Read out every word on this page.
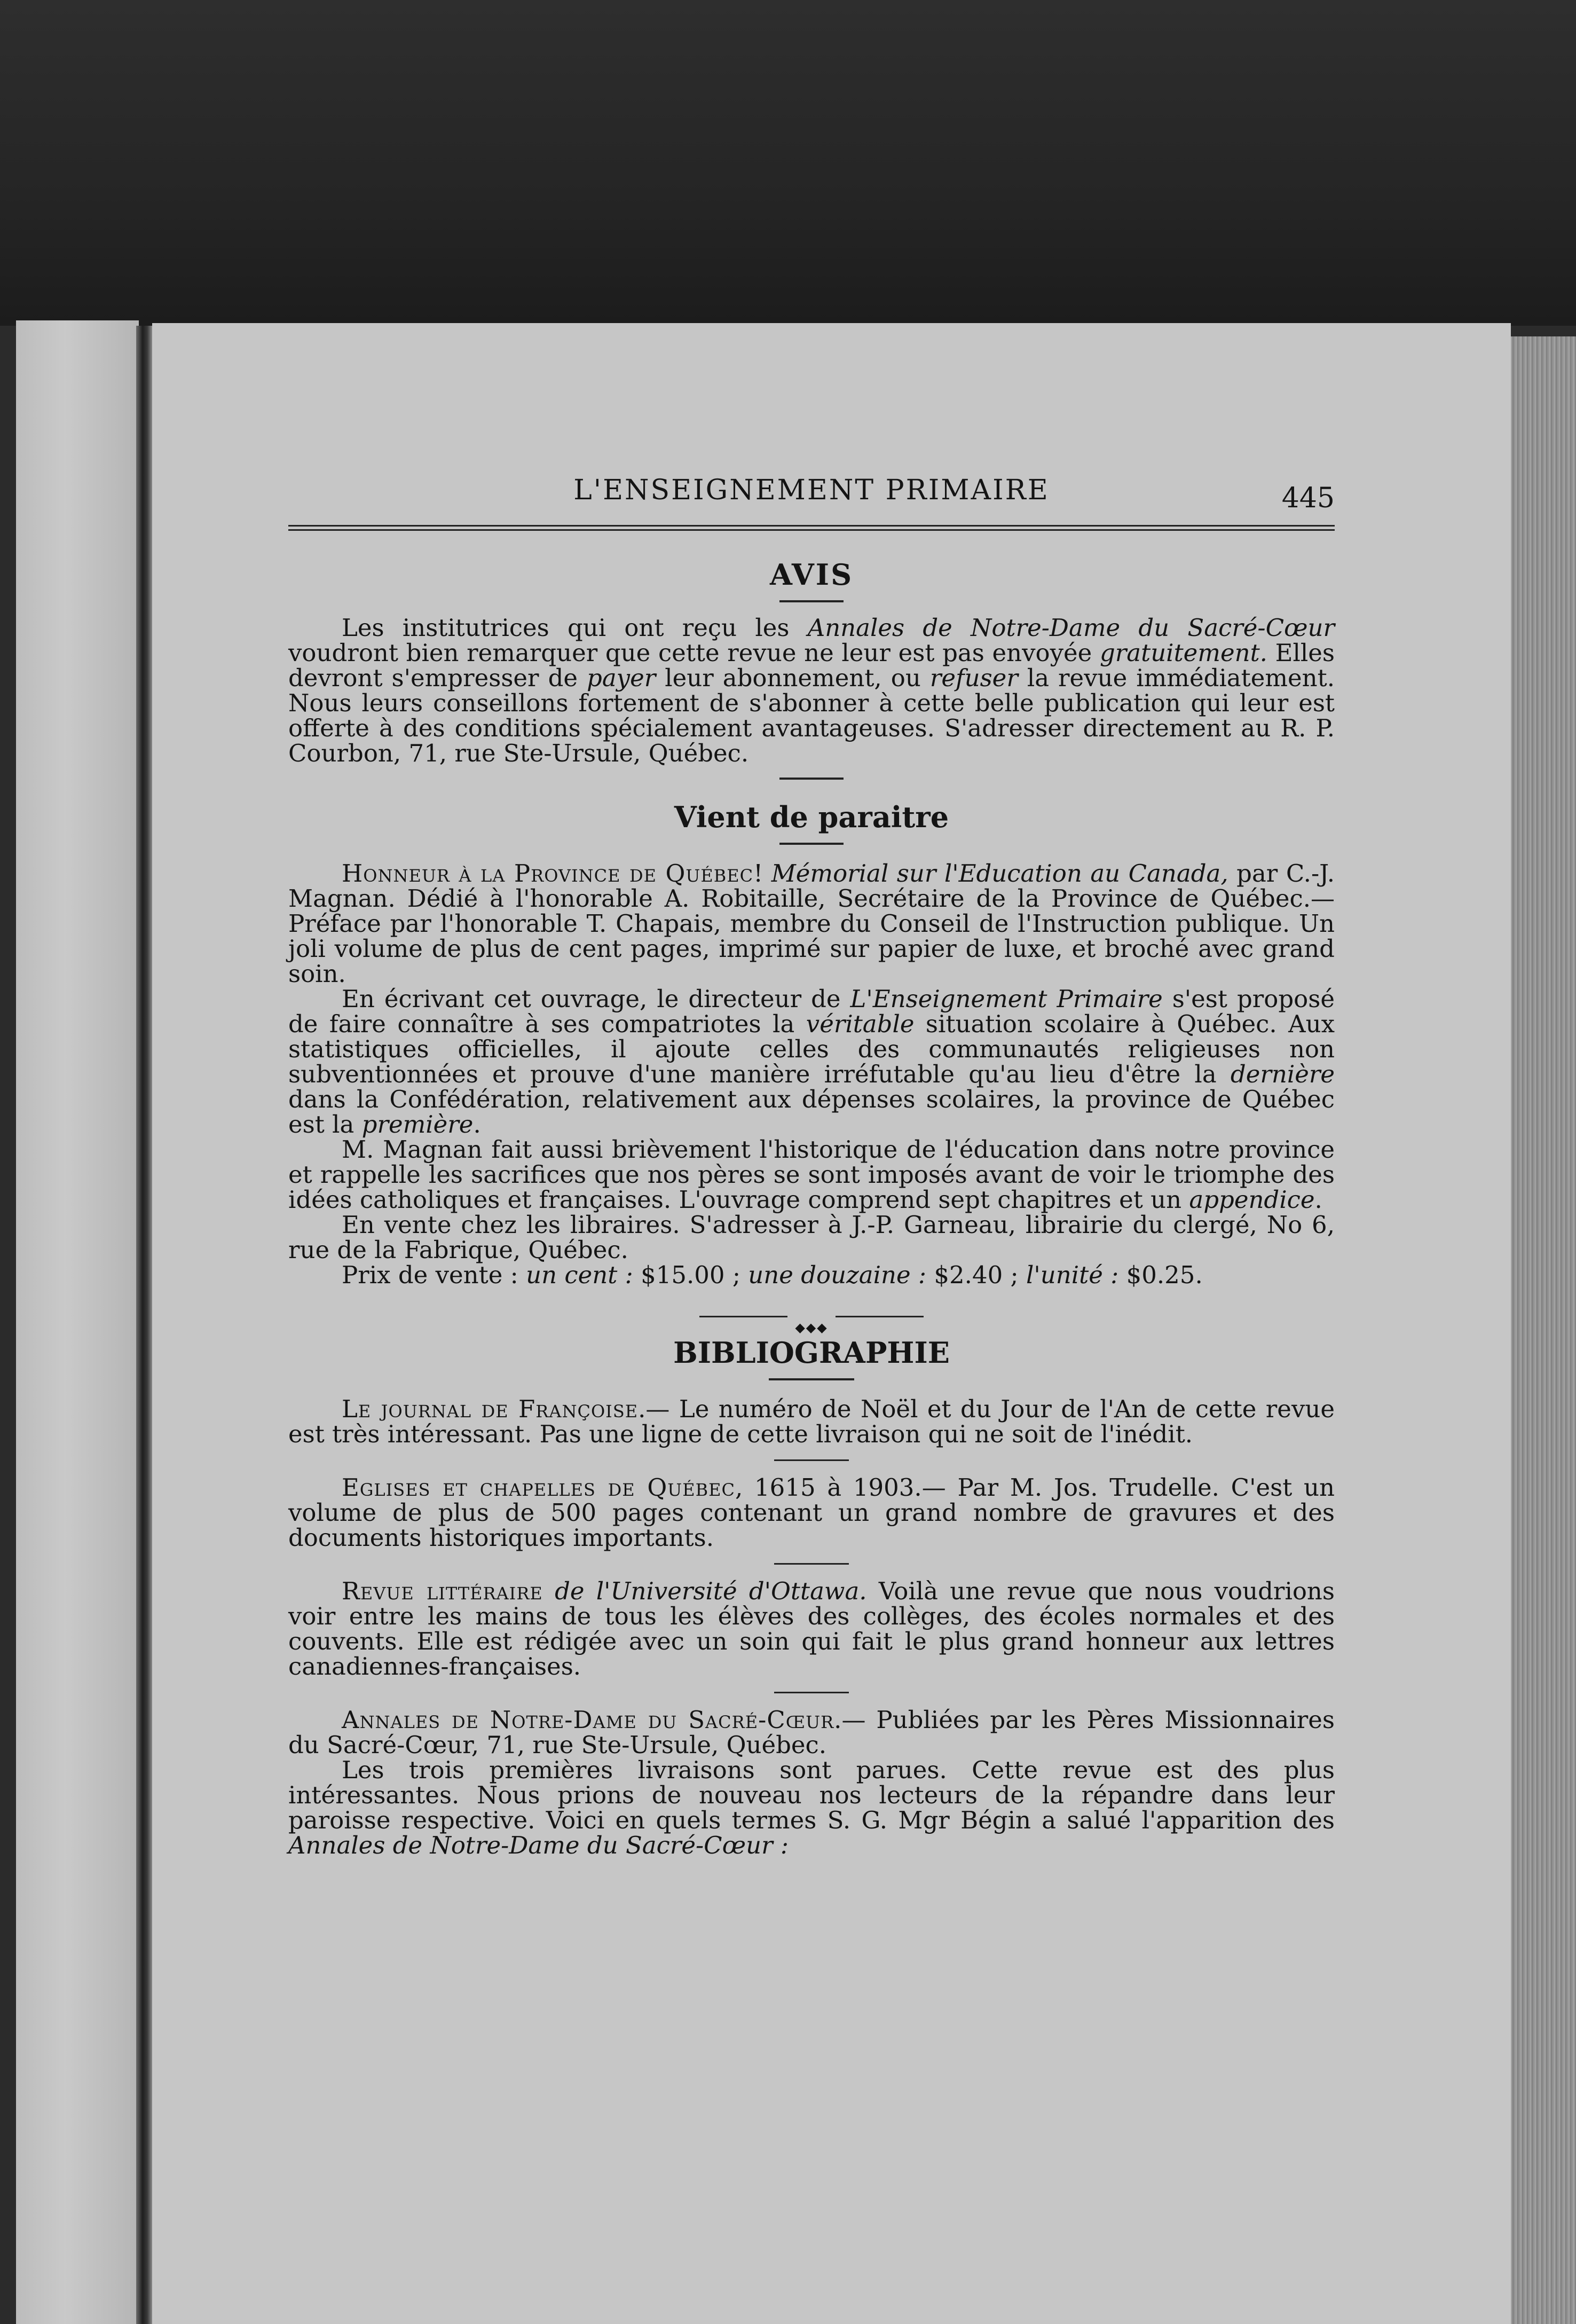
L'ENSEIGNEMENT PRIMAIRE	445
AVIS

Les institutrices qui ont reçu les Annales de Notre-Dame du Sacré-Cœur voudront bien remarquer que cette revue ne leur est pas envoyée gratuitement. Elles devront s'empresser de payer leur abonnement, ou refuser la revue immédiatement. Nous leurs conseillons fortement de s'abonner à cette belle publication qui leur est offerte à des conditions spécialement avantageuses. S'adresser directement au R. P. Courbon, 71, rue Ste-Ursule, Québec.

Vient de paraitre

Honneur à la Province de Québec! Mémorial sur l'Education au Canada, par C.-J. Magnan. Dédié à l'honorable A. Robitaille, Secrétaire de la Province de Québec.— Préface par l'honorable T. Chapais, membre du Conseil de l'Instruction publique. Un joli volume de plus de cent pages, imprimé sur papier de luxe, et broché avec grand soin.

En écrivant cet ouvrage, le directeur de L'Enseignement Primaire s'est proposé de faire connaître à ses compatriotes la véritable situation scolaire à Québec. Aux statistiques officielles, il ajoute celles des communautés religieuses non subventionnées et prouve d'une manière irréfutable qu'au lieu d'être la dernière dans la Confédération, relativement aux dépenses scolaires, la province de Québec est la première.

M. Magnan fait aussi brièvement l'historique de l'éducation dans notre province et rappelle les sacrifices que nos pères se sont imposés avant de voir le triomphe des idées catholiques et françaises. L'ouvrage comprend sept chapitres et un appendice.

En vente chez les libraires. S'adresser à J.-P. Garneau, librairie du clergé, No 6, rue de la Fabrique, Québec.

Prix de vente : un cent : $15.00 ; une douzaine : $2.40 ; l'unité : $0.25.

◆◆◆
BIBLIOGRAPHIE

Le journal de Françoise.— Le numéro de Noël et du Jour de l'An de cette revue est très intéressant. Pas une ligne de cette livraison qui ne soit de l'inédit.

Eglises et chapelles de Québec, 1615 à 1903.— Par M. Jos. Trudelle. C'est un volume de plus de 500 pages contenant un grand nombre de gravures et des documents historiques importants.

Revue littéraire de l'Université d'Ottawa. Voilà une revue que nous voudrions voir entre les mains de tous les élèves des collèges, des écoles normales et des couvents. Elle est rédigée avec un soin qui fait le plus grand honneur aux lettres canadiennes-françaises.

Annales de Notre-Dame du Sacré-Cœur.— Publiées par les Pères Missionnaires du Sacré-Cœur, 71, rue Ste-Ursule, Québec.

Les trois premières livraisons sont parues. Cette revue est des plus intéressantes. Nous prions de nouveau nos lecteurs de la répandre dans leur paroisse respective. Voici en quels termes S. G. Mgr Bégin a salué l'apparition des Annales de Notre-Dame du Sacré-Cœur :
